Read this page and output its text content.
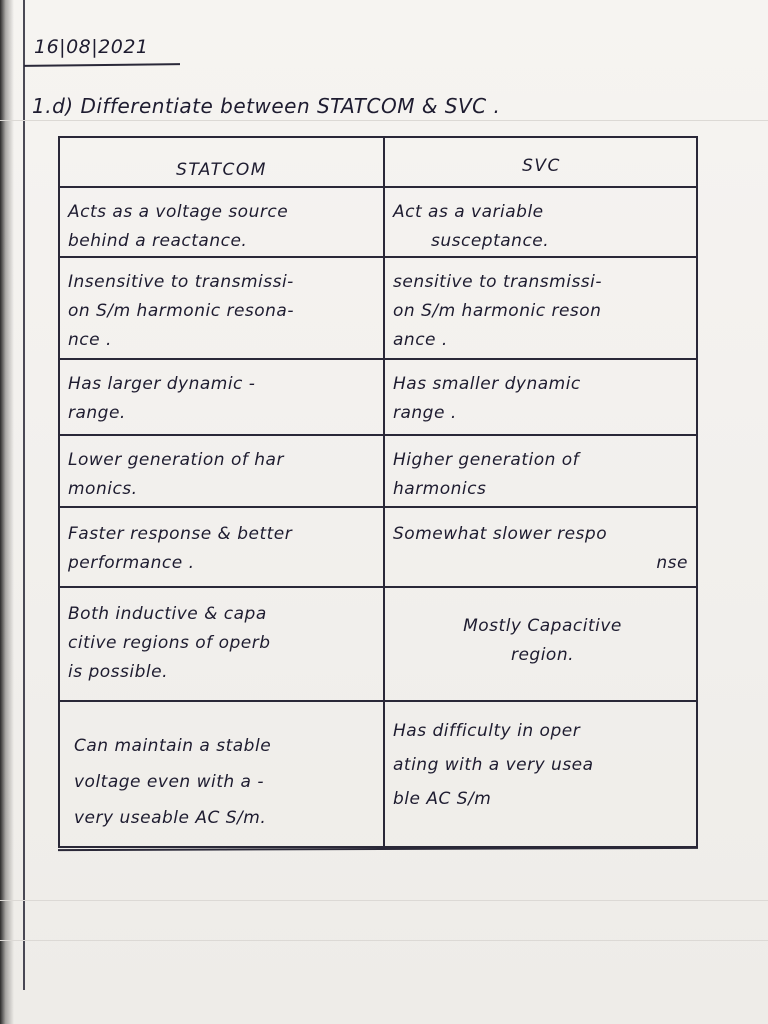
16|08|2021
1.d) Differentiate between STATCOM & SVC .
STATCOM	SVC
Acts as a voltage source
behind a reactance.
Act as a variable
susceptance.
Insensitive to transmissi-
on S/m harmonic resona-
nce .
sensitive to transmissi-
on S/m harmonic reson
ance .
Has larger dynamic -
range.
Has smaller dynamic
range .
Lower generation of har
monics.
Higher generation of
harmonics
Faster response & better
performance .
Somewhat slower respo
nse
Both inductive & capa
citive regions of operb
is possible.
Mostly Capacitive
region.
Can maintain a stable
voltage even with a -
very useable AC S/m.
Has difficulty in oper
ating with a very usea
ble AC S/m
